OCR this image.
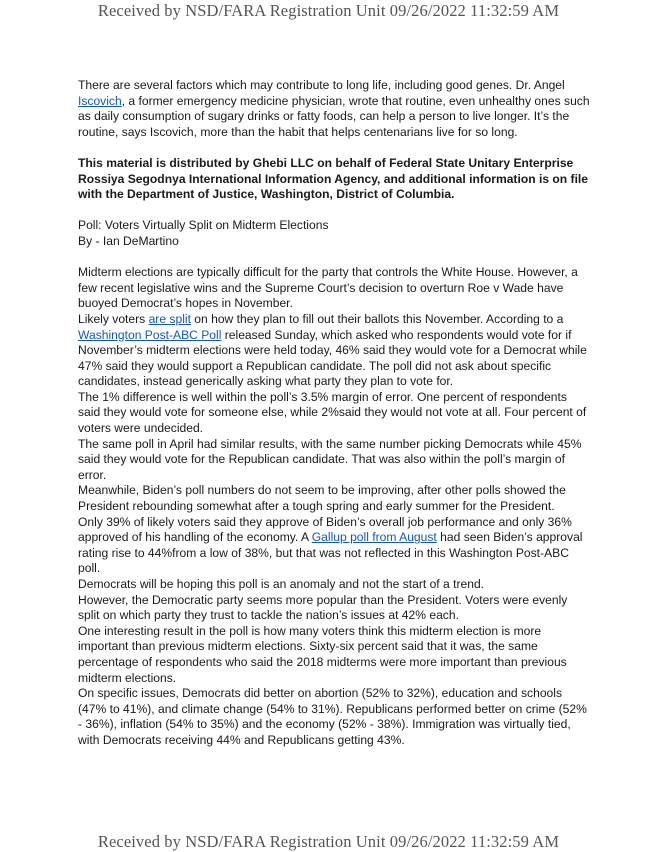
Received by NSD/FARA Registration Unit 09/26/2022 11:32:59 AM

There are several factors which may contribute to long life, including good genes. Dr. Angel Iscovich, a former emergency medicine physician, wrote that routine, even unhealthy ones such as daily consumption of sugary drinks or fatty foods, can help a person to live longer. It’s the routine, says Iscovich, more than the habit that helps centenarians live for so long.

This material is distributed by Ghebi LLC on behalf of Federal State Unitary Enterprise Rossiya Segodnya International Information Agency, and additional information is on file with the Department of Justice, Washington, District of Columbia.

Poll: Voters Virtually Split on Midterm Elections

By - Ian DeMartino

Midterm elections are typically difficult for the party that controls the White House. However, a few recent legislative wins and the Supreme Court’s decision to overturn Roe v Wade have buoyed Democrat’s hopes in November.

Likely voters are split on how they plan to fill out their ballots this November. According to a Washington Post-ABC Poll released Sunday, which asked who respondents would vote for if November’s midterm elections were held today, 46% said they would vote for a Democrat while 47% said they would support a Republican candidate. The poll did not ask about specific candidates, instead generically asking what party they plan to vote for.

The 1% difference is well within the poll’s 3.5% margin of error. One percent of respondents said they would vote for someone else, while 2%said they would not vote at all. Four percent of voters were undecided.

The same poll in April had similar results, with the same number picking Democrats while 45% said they would vote for the Republican candidate. That was also within the poll’s margin of error.

Meanwhile, Biden’s poll numbers do not seem to be improving, after other polls showed the President rebounding somewhat after a tough spring and early summer for the President.

Only 39% of likely voters said they approve of Biden’s overall job performance and only 36% approved of his handling of the economy. A Gallup poll from August had seen Biden’s approval rating rise to 44%from a low of 38%, but that was not reflected in this Washington Post-ABC poll.

Democrats will be hoping this poll is an anomaly and not the start of a trend.

However, the Democratic party seems more popular than the President. Voters were evenly split on which party they trust to tackle the nation’s issues at 42% each.

One interesting result in the poll is how many voters think this midterm election is more important than previous midterm elections. Sixty-six percent said that it was, the same percentage of respondents who said the 2018 midterms were more important than previous midterm elections.

On specific issues, Democrats did better on abortion (52% to 32%), education and schools (47% to 41%), and climate change (54% to 31%). Republicans performed better on crime (52% - 36%), inflation (54% to 35%) and the economy (52% - 38%). Immigration was virtually tied, with Democrats receiving 44% and Republicans getting 43%.

Received by NSD/FARA Registration Unit 09/26/2022 11:32:59 AM
